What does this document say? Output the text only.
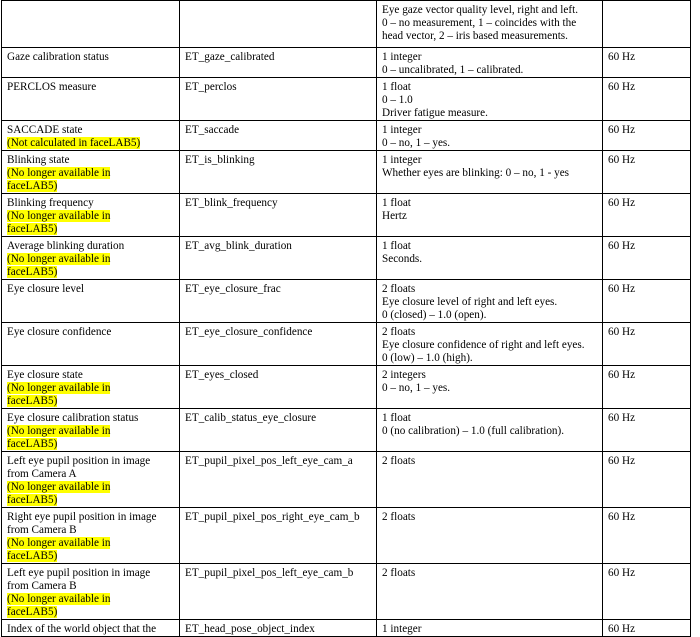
		Eye gaze vector quality level, right and left.
0 – no measurement, 1 – coincides with the
head vector, 2 – iris based measurements.	

Gaze calibration status	ET_gaze_calibrated	1 integer
0 – uncalibrated, 1 – calibrated.	60 Hz

PERCLOS measure	ET_perclos	1 float
0 – 1.0
Driver fatigue measure.	60 Hz

SACCADE state
(Not calculated in faceLAB5)	ET_saccade	1 integer
0 – no, 1 – yes.	60 Hz

Blinking state
(No longer available in
faceLAB5)	ET_is_blinking	1 integer
Whether eyes are blinking: 0 – no, 1 - yes	60 Hz

Blinking frequency
(No longer available in
faceLAB5)	ET_blink_frequency	1 float
Hertz	60 Hz

Average blinking duration
(No longer available in
faceLAB5)	ET_avg_blink_duration	1 float
Seconds.	60 Hz

Eye closure level	ET_eye_closure_frac	2 floats
Eye closure level of right and left eyes.
0 (closed) – 1.0 (open).	60 Hz

Eye closure confidence	ET_eye_closure_confidence	2 floats
Eye closure confidence of right and left eyes.
0 (low) – 1.0 (high).	60 Hz

Eye closure state
(No longer available in
faceLAB5)	ET_eyes_closed	2 integers
0 – no, 1 – yes.	60 Hz

Eye closure calibration status
(No longer available in
faceLAB5)	ET_calib_status_eye_closure	1 float
0 (no calibration) – 1.0 (full calibration).	60 Hz

Left eye pupil position in image
from Camera A
(No longer available in
faceLAB5)	ET_pupil_pixel_pos_left_eye_cam_a	2 floats	60 Hz

Right eye pupil position in image
from Camera B
(No longer available in
faceLAB5)	ET_pupil_pixel_pos_right_eye_cam_b	2 floats	60 Hz

Left eye pupil position in image
from Camera B
(No longer available in
faceLAB5)	ET_pupil_pixel_pos_left_eye_cam_b	2 floats	60 Hz

Index of the world object that the	ET_head_pose_object_index	1 integer	60 Hz
